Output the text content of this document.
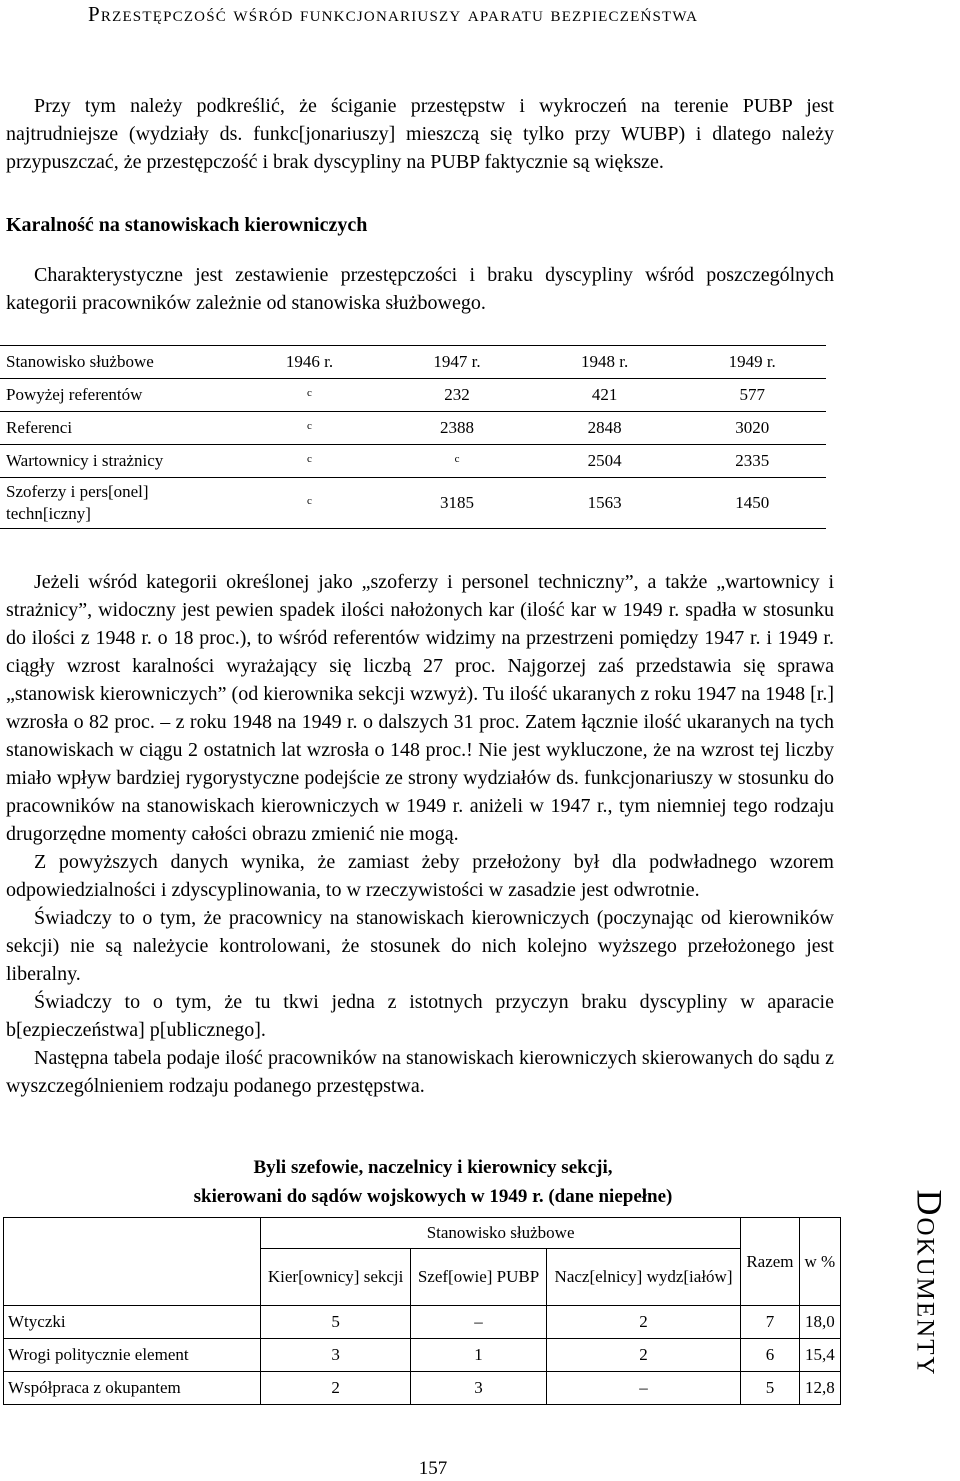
Przestępczość wśród funkcjonariuszy aparatu bezpieczeństwa

Przy tym należy podkreślić, że ściganie przestępstw i wykroczeń na terenie PUBP jest najtrudniejsze (wydziały ds. funkc[jonariuszy] mieszczą się tylko przy WUBP) i dlatego należy przypuszczać, że przestępczość i brak dyscypliny na PUBP faktycznie są większe.

Karalność na stanowiskach kierowniczych

Charakterystyczne jest zestawienie przestępczości i braku dyscypliny wśród poszczególnych kategorii pracowników zależnie od stanowiska służbowego.

Stanowisko służbowe	1946 r.	1947 r.	1948 r.	1949 r.
Powyżej referentów	$^c$	232	421	577
Referenci	$^c$	2388	2848	3020
Wartownicy i strażnicy	$^c$	$^c$	2504	2335
Szoferzy i pers[onel] techn[iczny]	$^c$	3185	1563	1450

Jeżeli wśród kategorii określonej jako „szoferzy i personel techniczny”, a także „wartownicy i strażnicy”, widoczny jest pewien spadek ilości nałożonych kar (ilość kar w 1949 r. spadła w stosunku do ilości z 1948 r. o 18 proc.), to wśród referentów widzimy na przestrzeni pomiędzy 1947 r. i 1949 r. ciągły wzrost karalności wyrażający się liczbą 27 proc. Najgorzej zaś przedstawia się sprawa „stanowisk kierowniczych” (od kierownika sekcji wzwyż). Tu ilość ukaranych z roku 1947 na 1948 [r.] wzrosła o 82 proc. – z roku 1948 na 1949 r. o dalszych 31 proc. Zatem łącznie ilość ukaranych na tych stanowiskach w ciągu 2 ostatnich lat wzrosła o 148 proc.! Nie jest wykluczone, że na wzrost tej liczby miało wpływ bardziej rygorystyczne podejście ze strony wydziałów ds. funkcjonariuszy w stosunku do pracowników na stanowiskach kierowniczych w 1949 r. aniżeli w 1947 r., tym niemniej tego rodzaju drugorzędne momenty całości obrazu zmienić nie mogą.

Z powyższych danych wynika, że zamiast żeby przełożony był dla podwładnego wzorem odpowiedzialności i zdyscyplinowania, to w rzeczywistości w zasadzie jest odwrotnie.

Świadczy to o tym, że pracownicy na stanowiskach kierowniczych (poczynając od kierowników sekcji) nie są należycie kontrolowani, że stosunek do nich kolejno wyższego przełożonego jest liberalny.

Świadczy to o tym, że tu tkwi jedna z istotnych przyczyn braku dyscypliny w aparacie b[ezpieczeństwa] p[ublicznego].

Następna tabela podaje ilość pracowników na stanowiskach kierowniczych skierowanych do sądu z wyszczególnieniem rodzaju podanego przestępstwa.

Byli szefowie, naczelnicy i kierownicy sekcji,
skierowani do sądów wojskowych w 1949 r. (dane niepełne)
	Stanowisko służbowe			Razem	w %
	Kier[ownicy] sekcji	Szef[owie] PUBP	Nacz[elnicy] wydz[iałów]		
Wtyczki	5	–	2	7	18,0
Wrogi politycznie element	3	1	2	6	15,4
Współpraca z okupantem	2	3	–	5	12,8
Dokumenty
157
